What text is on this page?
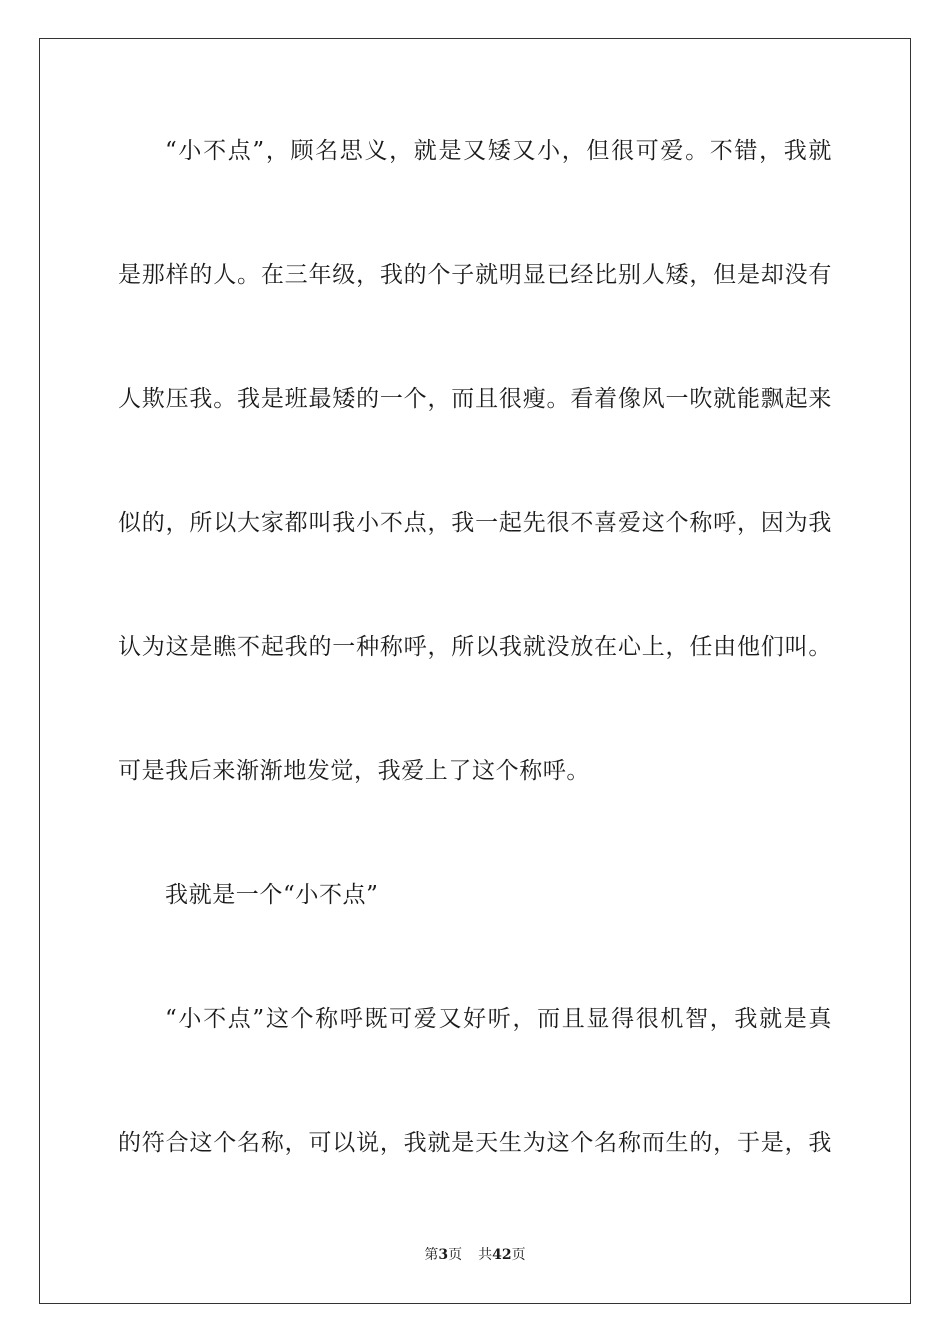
“小不点”，顾名思义，就是又矮又小，但很可爱。不错，我就
是那样的人。在三年级，我的个子就明显已经比别人矮，但是却没有
人欺压我。我是班最矮的一个，而且很瘦。看着像风一吹就能飘起来
似的，所以大家都叫我小不点，我一起先很不喜爱这个称呼，因为我
认为这是瞧不起我的一种称呼，所以我就没放在心上，任由他们叫。
可是我后来渐渐地发觉，我爱上了这个称呼。
我就是一个“小不点”
“小不点”这个称呼既可爱又好听，而且显得很机智，我就是真
的符合这个名称，可以说，我就是天生为这个名称而生的，于是，我
第3页 共42页
